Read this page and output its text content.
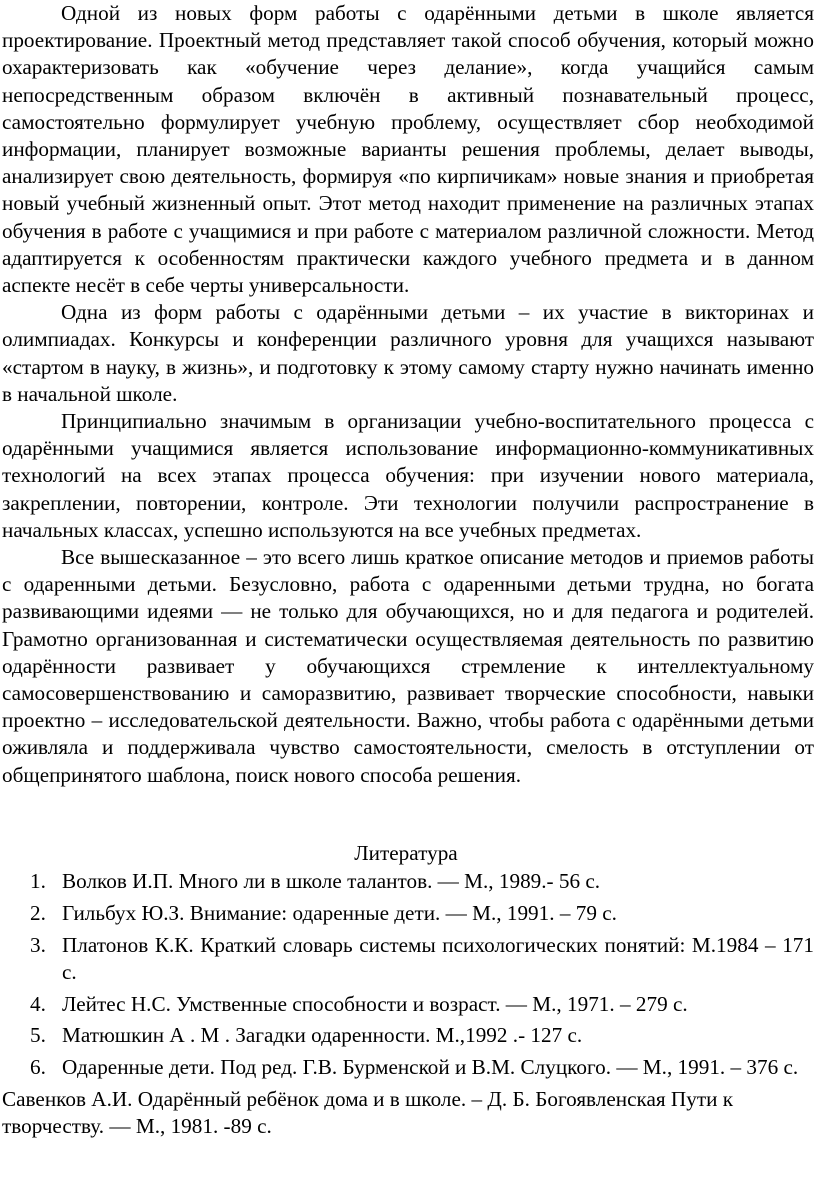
Одной из новых форм работы с одарёнными детьми в школе является проектирование. Проектный метод представляет такой способ обучения, который можно охарактеризовать как «обучение через делание», когда учащийся самым непосредственным образом включён в активный познавательный процесс, самостоятельно формулирует учебную проблему, осуществляет сбор необходимой информации, планирует возможные варианты решения проблемы, делает выводы, анализирует свою деятельность, формируя «по кирпичикам» новые знания и приобретая новый учебный жизненный опыт. Этот метод находит применение на различных этапах обучения в работе с учащимися и при работе с материалом различной сложности. Метод адаптируется к особенностям практически каждого учебного предмета и в данном аспекте несёт в себе черты универсальности.

Одна из форм работы с одарёнными детьми – их участие в викторинах и олимпиадах. Конкурсы и конференции различного уровня для учащихся называют «стартом в науку, в жизнь», и подготовку к этому самому старту нужно начинать именно в начальной школе.

Принципиально значимым в организации учебно-воспитательного процесса с одарёнными учащимися является использование информационно-коммуникативных технологий на всех этапах процесса обучения: при изучении нового материала, закреплении, повторении, контроле. Эти технологии получили распространение в начальных классах, успешно используются на все учебных предметах.

Все вышесказанное – это всего лишь краткое описание методов и приемов работы с одаренными детьми. Безусловно, работа с одаренными детьми трудна, но богата развивающими идеями — не только для обучающихся, но и для педагога и родителей. Грамотно организованная и систематически осуществляемая деятельность по развитию одарённости развивает у обучающихся стремление к интеллектуальному самосовершенствованию и саморазвитию, развивает творческие способности, навыки проектно – исследовательской деятельности. Важно, чтобы работа с одарёнными детьми оживляла и поддерживала чувство самостоятельности, смелость в отступлении от общепринятого шаблона, поиск нового способа решения.

Литература
1. Волков И.П. Много ли в школе талантов. — М., 1989.- 56 с.
2. Гильбух Ю.З. Внимание: одаренные дети. — М., 1991. – 79 с.
3. Платонов К.К. Краткий словарь системы психологических понятий: М.1984 – 171 с.
4. Лейтес Н.С. Умственные способности и возраст. — М., 1971. – 279 с.
5. Матюшкин А . М . Загадки одаренности. М.,1992 .- 127 с.
6. Одаренные дети. Под ред. Г.В. Бурменской и В.М. Слуцкого. — М., 1991. – 376 с.

Савенков А.И. Одарённый ребёнок дома и в школе. – Д. Б. Богоявленская Пути к творчеству. — М., 1981. -89 с.
